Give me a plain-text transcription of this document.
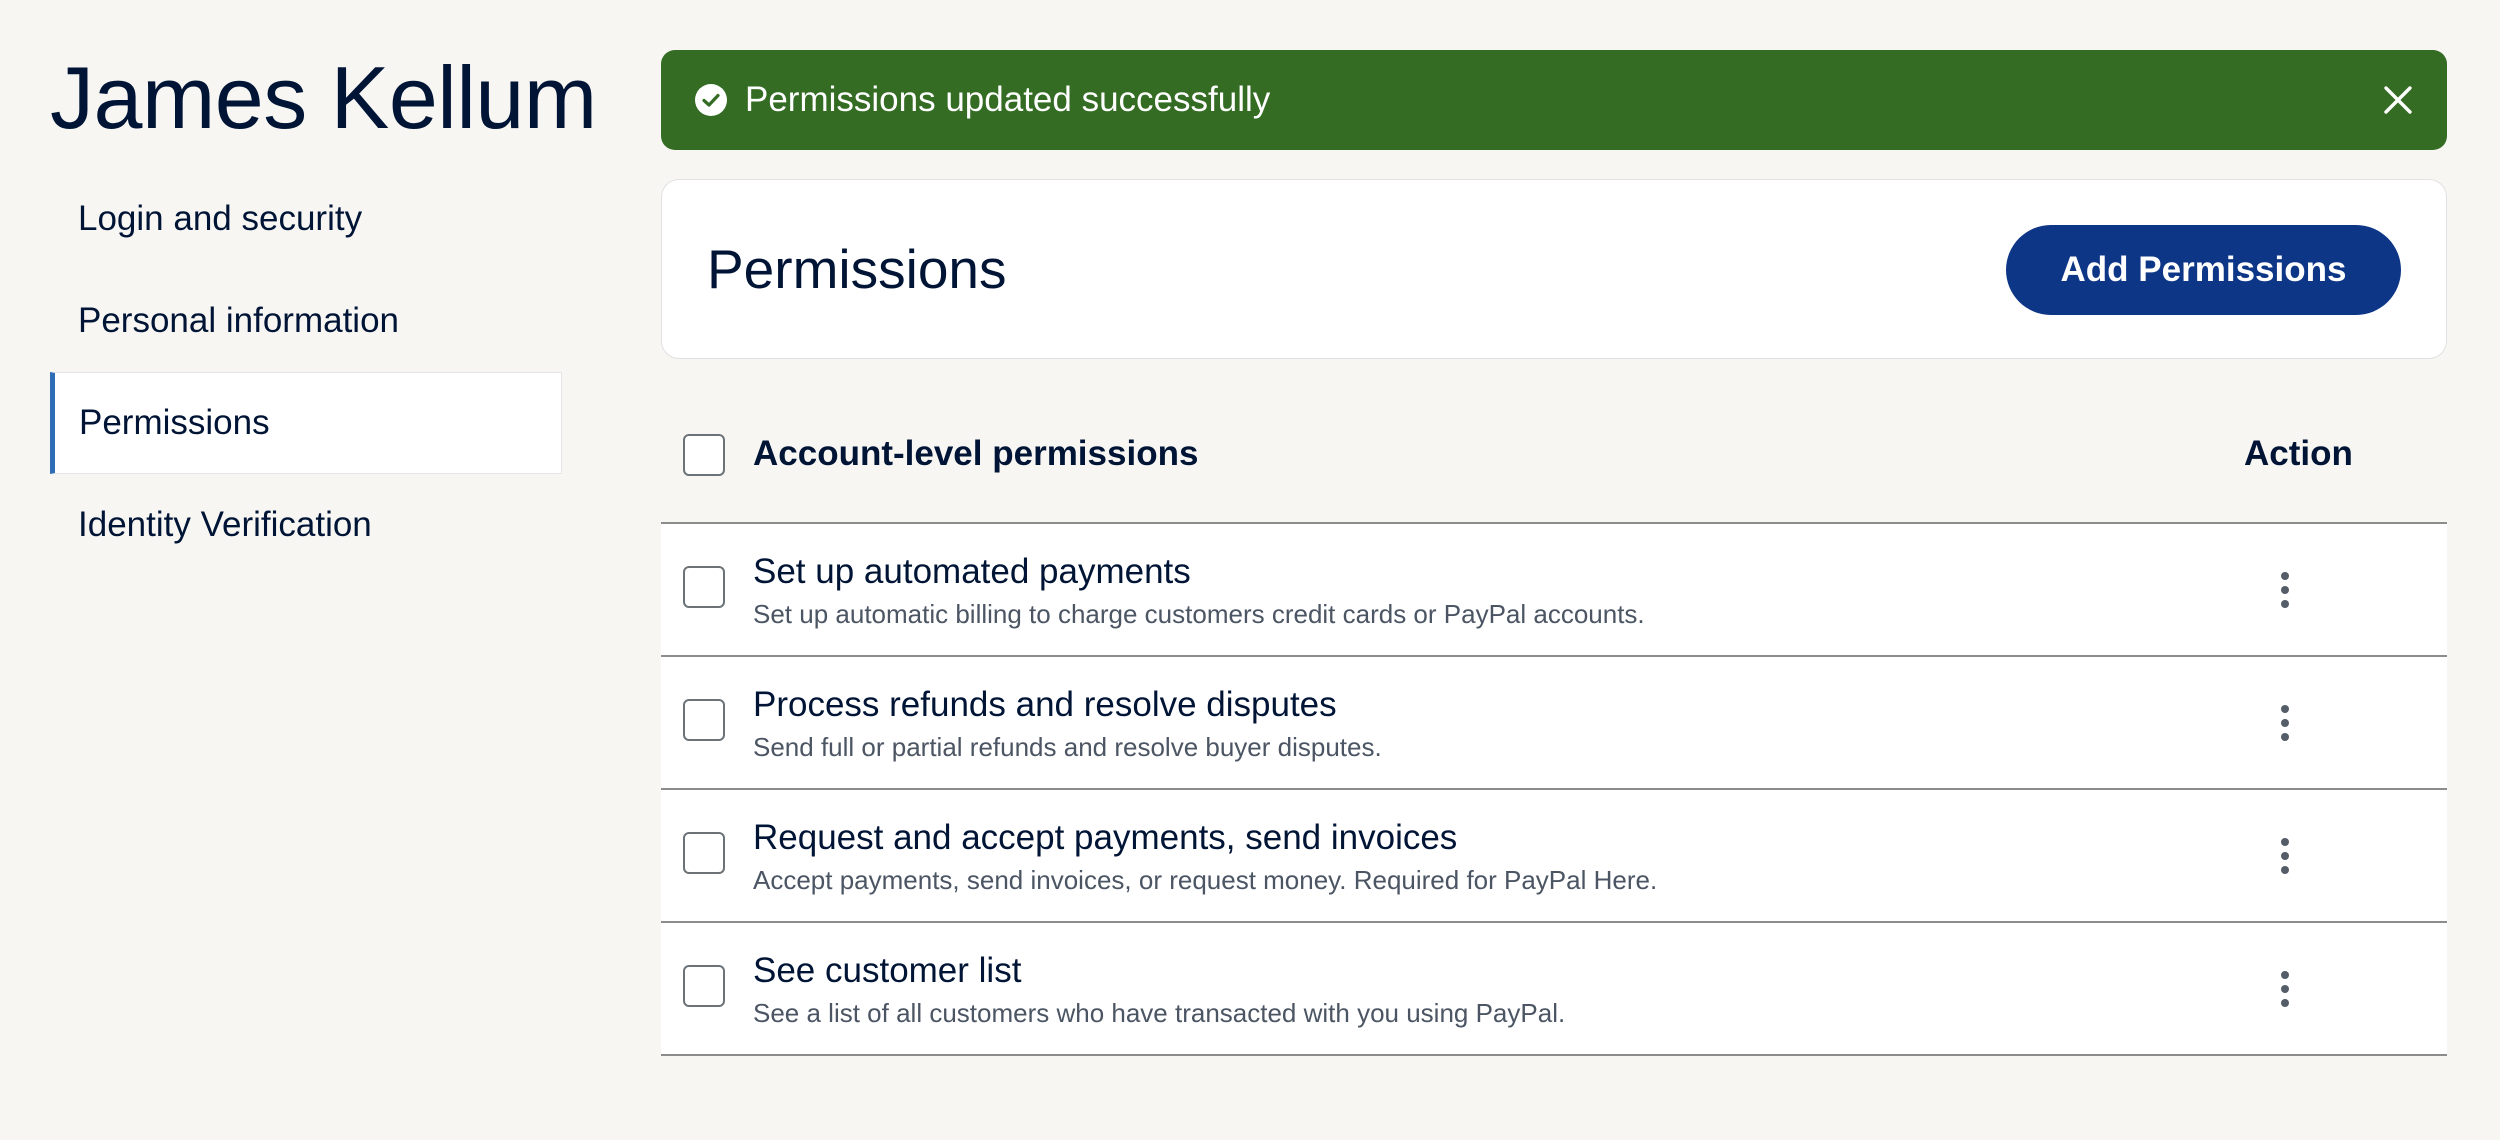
James Kellum
Login and security
Personal information
Permissions
Identity Verification
Permissions updated successfully
Permissions	Add Permissions
Account-level permissions	Action
Set up automated payments
Set up automatic billing to charge customers credit cards or PayPal accounts.
Process refunds and resolve disputes
Send full or partial refunds and resolve buyer disputes.
Request and accept payments, send invoices
Accept payments, send invoices, or request money. Required for PayPal Here.
See customer list
See a list of all customers who have transacted with you using PayPal.
